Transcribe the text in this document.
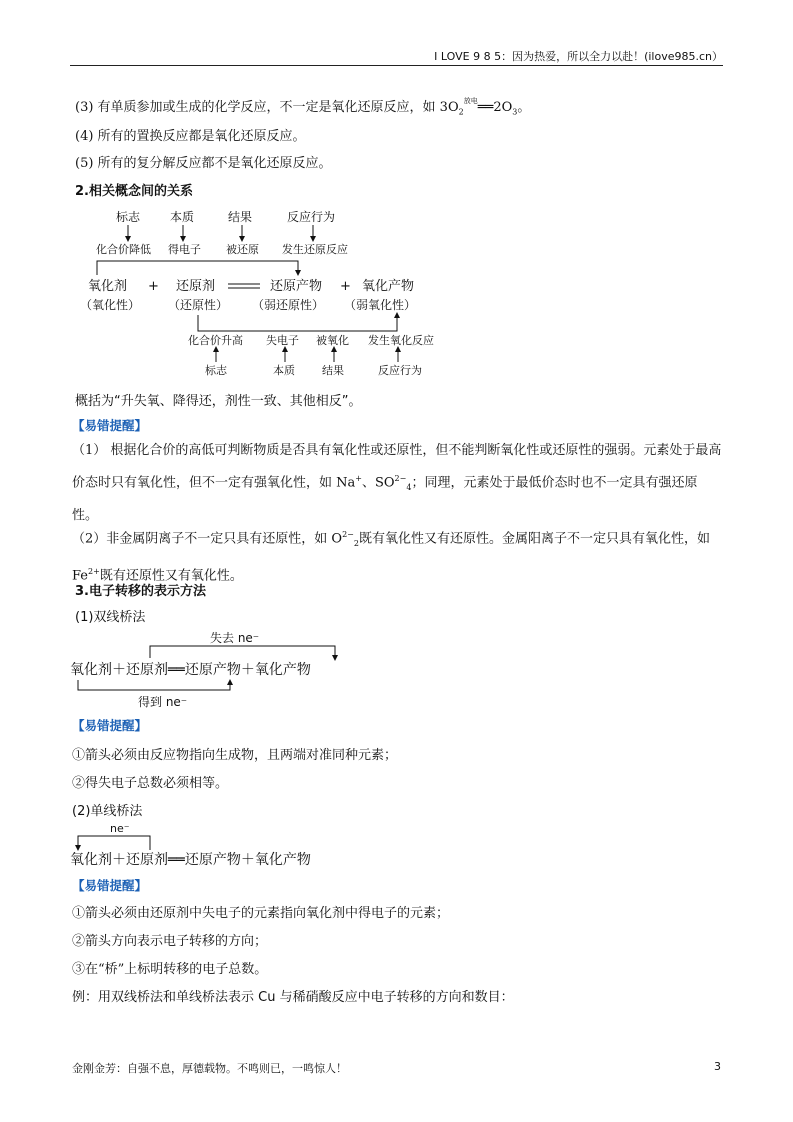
I LOVE 9 8 5：因为热爱，所以全力以赴！(ilove985.cn）
(3) 有单质参加或生成的化学反应，不一定是氧化还原反应，如 $3O_2^{放电}══2O_3$。
(4) 所有的置换反应都是氧化还原反应。
(5) 所有的复分解反应都不是氧化还原反应。
2.相关概念间的关系
标志 本质	结果	反应行为
化合价降低 得电子 被还原 发生还原反应
氧化剂 + 还原剂	还原产物 + 氧化产物
（氧化性） （还原性） （弱还原性） （弱氧化性）
化合价升高 失电子 被氧化 发生氧化反应
标志	本质 结果	反应行为
概括为“升失氧、降得还，剂性一致、其他相反”。
【易错提醒】
（1） 根据化合价的高低可判断物质是否具有氧化性或还原性，但不能判断氧化性或还原性的强弱。元素处于最高价态时只有氧化性，但不一定有强氧化性，如 Na+、$SO^{2-}_4$；同理，元素处于最低价态时也不一定具有强还原性。
（2）非金属阴离子不一定只具有还原性，如 $O^{2-}_2$既有氧化性又有还原性。金属阳离子不一定只具有氧化性，如 $Fe^{2+}$既有还原性又有氧化性。
3.电子转移的表示方法
(1)双线桥法
失去 ne⁻
氧化剂＋还原剂══还原产物＋氧化产物
得到 ne⁻
【易错提醒】
①箭头必须由反应物指向生成物，且两端对准同种元素；
②得失电子总数必须相等。
(2)单线桥法
ne⁻
氧化剂＋还原剂══还原产物＋氧化产物
【易错提醒】
①箭头必须由还原剂中失电子的元素指向氧化剂中得电子的元素；
②箭头方向表示电子转移的方向；
③在“桥”上标明转移的电子总数。
例：用双线桥法和单线桥法表示 Cu 与稀硝酸反应中电子转移的方向和数目：
金刚金芳：自强不息，厚德载物。不鸣则已，一鸣惊人！	3
